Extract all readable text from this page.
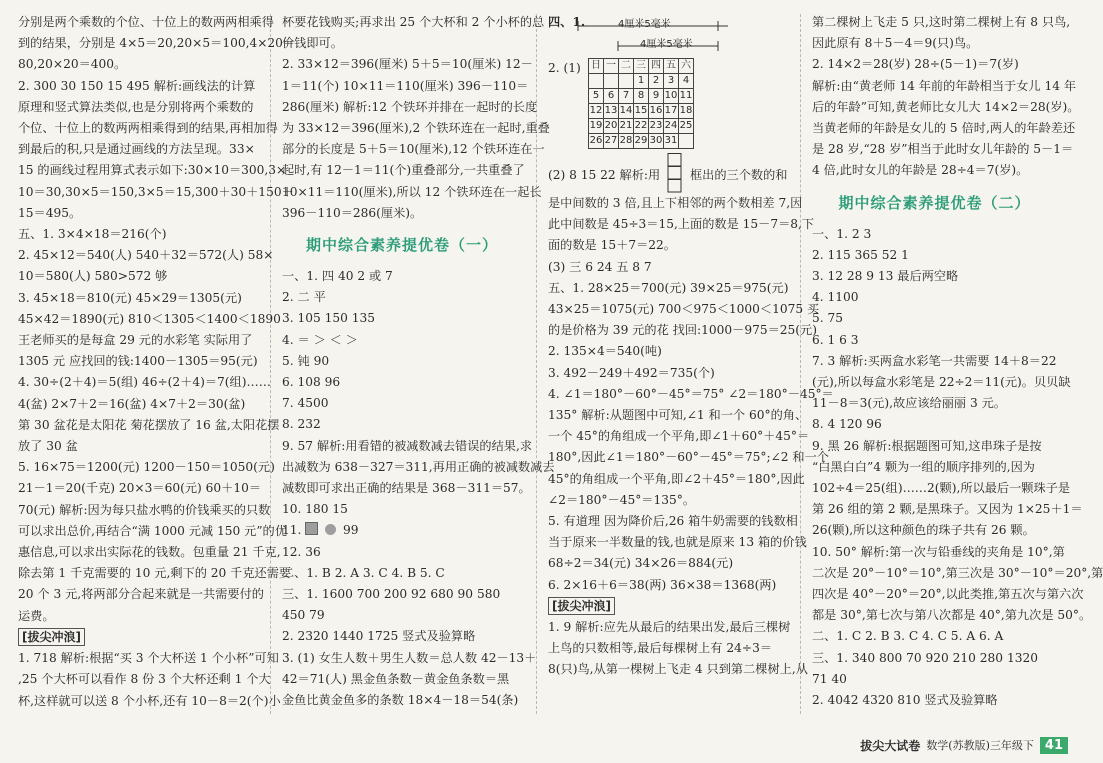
分别是两个乘数的个位、十位上的数两两相乘得
到的结果，分别是 4×5＝20,20×5＝100,4×20＝
80,20×20＝400。
2. 300 30 150 15 495 解析:画线法的计算
原理和竖式算法类似,也是分别将两个乘数的
个位、十位上的数两两相乘得到的结果,再相加得
到最后的积,只是通过画线的方法呈现。33×
15 的画线过程用算式表示如下:30×10＝300,3×
10＝30,30×5＝150,3×5＝15,300＋30＋150＋
15＝495。
五、1. 3×4×18＝216(个)
2. 45×12＝540(人) 540＋32＝572(人) 58×
10＝580(人) 580>572 够
3. 45×18＝810(元) 45×29＝1305(元)
45×42＝1890(元) 810＜1305＜1400＜1890
王老师买的是每盒 29 元的水彩笔 实际用了
1305 元 应找回的钱:1400－1305＝95(元)
4. 30÷(2＋4)＝5(组) 46÷(2＋4)＝7(组)……
4(盆) 2×7＋2＝16(盆) 4×7＋2＝30(盆)
第 30 盆花是太阳花 菊花摆放了 16 盆,太阳花摆
放了 30 盆
5. 16×75＝1200(元) 1200－150＝1050(元)
21－1＝20(千克) 20×3＝60(元) 60＋10＝
70(元) 解析:因为每只盐水鸭的价钱乘买的只数
可以求出总价,再结合“满 1000 元减 150 元”的优
惠信息,可以求出实际花的钱数。包重量 21 千克,
除去第 1 千克需要的 10 元,剩下的 20 千克还需要
20 个 3 元,将两部分合起来就是一共需要付的
运费。
[拔尖冲浪]
1. 718 解析:根据“买 3 个大杯送 1 个小杯”可知
,25 个大杯可以看作 8 份 3 个大杯还剩 1 个大
杯,这样就可以送 8 个小杯,还有 10－8＝2(个)小
杯要花钱购买;再求出 25 个大杯和 2 个小杯的总
价钱即可。
2. 33×12＝396(厘米) 5＋5＝10(厘米) 12－
1＝11(个) 10×11＝110(厘米) 396－110＝
286(厘米) 解析:12 个铁环并排在一起时的长度
为 33×12＝396(厘米),2 个铁环连在一起时,重叠
部分的长度是 5＋5＝10(厘米),12 个铁环连在一
起时,有 12－1＝11(个)重叠部分,一共重叠了
10×11＝110(厘米),所以 12 个铁环连在一起长
396－110＝286(厘米)。
期中综合素养提优卷（一）
一、1. 四 40 2 或 7
2. 二 平
3. 105 150 135
4. ＝ ＞ ＜ ＞
5. 钝 90
6. 108 96
7. 4500
8. 232
9. 57 解析:用看错的被减数减去错误的结果,求
出减数为 638－327＝311,再用正确的被减数减去
减数即可求出正确的结果是 368－311＝57。
10. 180 15
11.	99
12. 36
二、1. B 2. A 3. C 4. B 5. C
三、1. 1600 700 200 92 680 90 580
450 79
2. 2320 1440 1725 竖式及验算略
3. (1) 女生人数＋男生人数＝总人数 42－13＋
42＝71(人) 黑金鱼条数－黄金鱼条数＝黑
金鱼比黄金鱼多的条数 18×4－18＝54(条)
四、1.	4厘米5毫米
4厘米5毫米
2. (1) 日	一	二	三	四	五	六
			1	2	3	4
5	6	7	8	9	10	11
12	13	14	15	16	17	18
19	20	21	22	23	24	25
26	27	28	29	30	31	
(2) 8 15 22 解析:用 框出的三个数的和
是中间数的 3 倍,且上下相邻的两个数相差 7,因
此中间数是 45÷3＝15,上面的数是 15－7＝8,下
面的数是 15＋7＝22。
(3) 三 6 24 五 8 7
五、1. 28×25＝700(元) 39×25＝975(元)
43×25＝1075(元) 700＜975＜1000＜1075 买
的是价格为 39 元的花 找回:1000－975＝25(元)
2. 135×4＝540(吨)
3. 492－249＋492＝735(个)
4. ∠1＝180°－60°－45°＝75° ∠2＝180°－45°＝
135° 解析:从题图中可知,∠1 和一个 60°的角、
一个 45°的角组成一个平角,即∠1＋60°＋45°＝
180°,因此∠1＝180°－60°－45°＝75°;∠2 和一个
45°的角组成一个平角,即∠2＋45°＝180°,因此
∠2＝180°－45°＝135°。
5. 有道理 因为降价后,26 箱牛奶需要的钱数相
当于原来一半数量的钱,也就是原来 13 箱的价钱
68÷2＝34(元) 34×26＝884(元)
6. 2×16＋6＝38(两) 36×38＝1368(两)
[拔尖冲浪]
1. 9 解析:应先从最后的结果出发,最后三棵树
上鸟的只数相等,最后每棵树上有 24÷3＝
8(只)鸟,从第一棵树上飞走 4 只到第二棵树上,从
第二棵树上飞走 5 只,这时第二棵树上有 8 只鸟,
因此原有 8＋5－4＝9(只)鸟。
2. 14×2＝28(岁) 28÷(5－1)＝7(岁)
解析:由“黄老师 14 年前的年龄相当于女儿 14 年
后的年龄”可知,黄老师比女儿大 14×2＝28(岁)。
当黄老师的年龄是女儿的 5 倍时,两人的年龄差还
是 28 岁,“28 岁”相当于此时女儿年龄的 5－1＝
4 倍,此时女儿的年龄是 28÷4＝7(岁)。
期中综合素养提优卷（二）
一、1. 2 3
2. 115 365 52 1
3. 12 28 9 13 最后两空略
4. 1100
5. 75
6. 1 6 3
7. 3 解析:买两盒水彩笔一共需要 14＋8＝22
(元),所以每盒水彩笔是 22÷2＝11(元)。贝贝缺
11－8＝3(元),故应该给丽丽 3 元。
8. 4 120 96
9. 黑 26 解析:根据题图可知,这串珠子是按
“白黑白白”4 颗为一组的顺序排列的,因为
102÷4＝25(组)……2(颗),所以最后一颗珠子是
第 26 组的第 2 颗,是黑珠子。又因为 1×25＋1＝
26(颗),所以这种颜色的珠子共有 26 颗。
10. 50° 解析:第一次与铅垂线的夹角是 10°,第
二次是 20°－10°＝10°,第三次是 30°－10°＝20°,第
四次是 40°－20°＝20°,以此类推,第五次与第六次
都是 30°,第七次与第八次都是 40°,第九次是 50°。
二、1. C 2. B 3. C 4. C 5. A 6. A
三、1. 340 800 70 920 210 280 1320
71 40
2. 4042 4320 810 竖式及验算略
拔尖大试卷 数学(苏教版)三年级下 41
